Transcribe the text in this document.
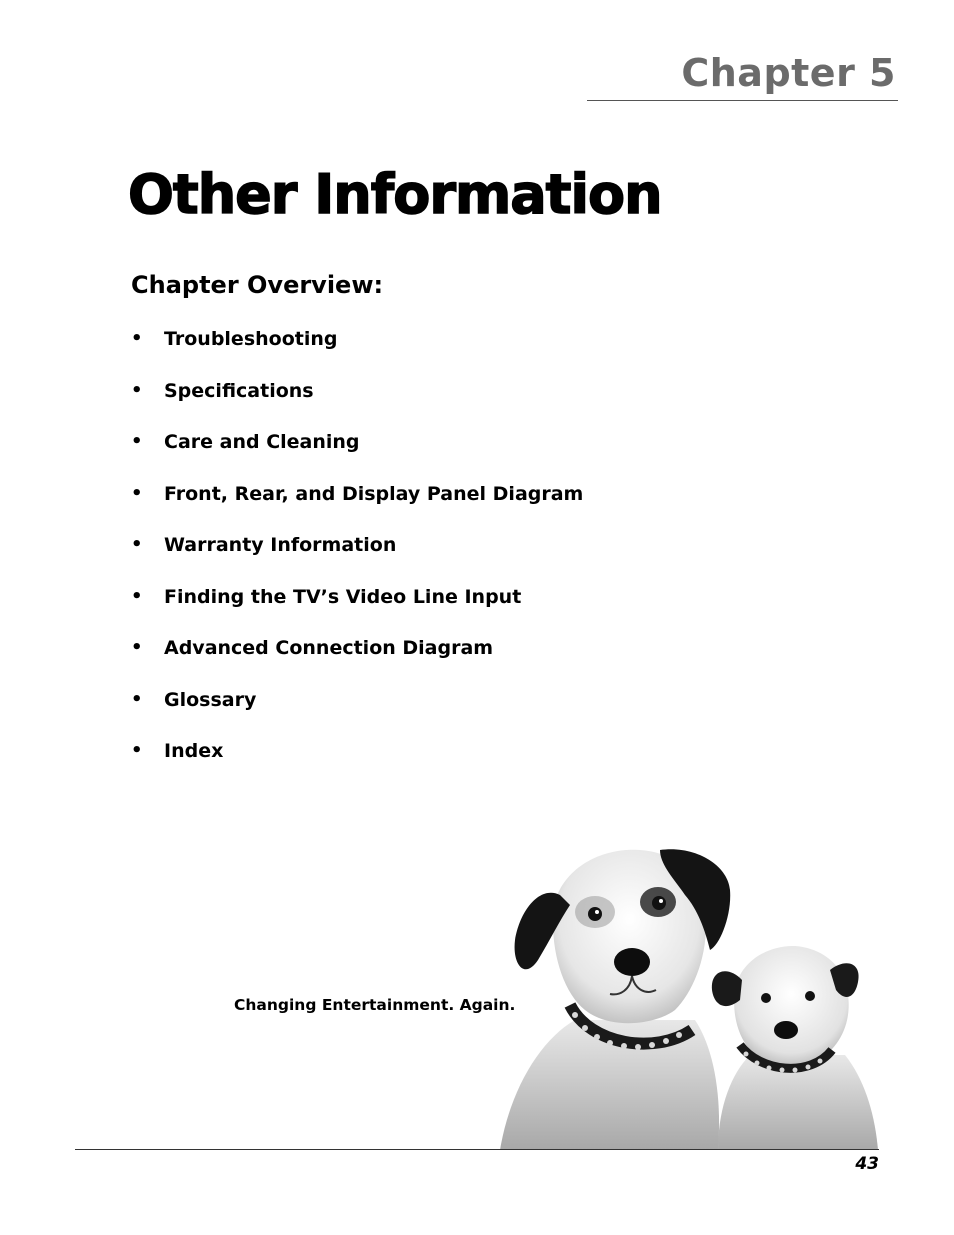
Chapter 5
Other Information
Chapter Overview:
•	Troubleshooting
•	Specifications
•	Care and Cleaning
•	Front, Rear, and Display Panel Diagram
•	Warranty Information
•	Finding the TV’s Video Line Input
•	Advanced Connection Diagram
•	Glossary
•	Index
Changing Entertainment. Again.
43
